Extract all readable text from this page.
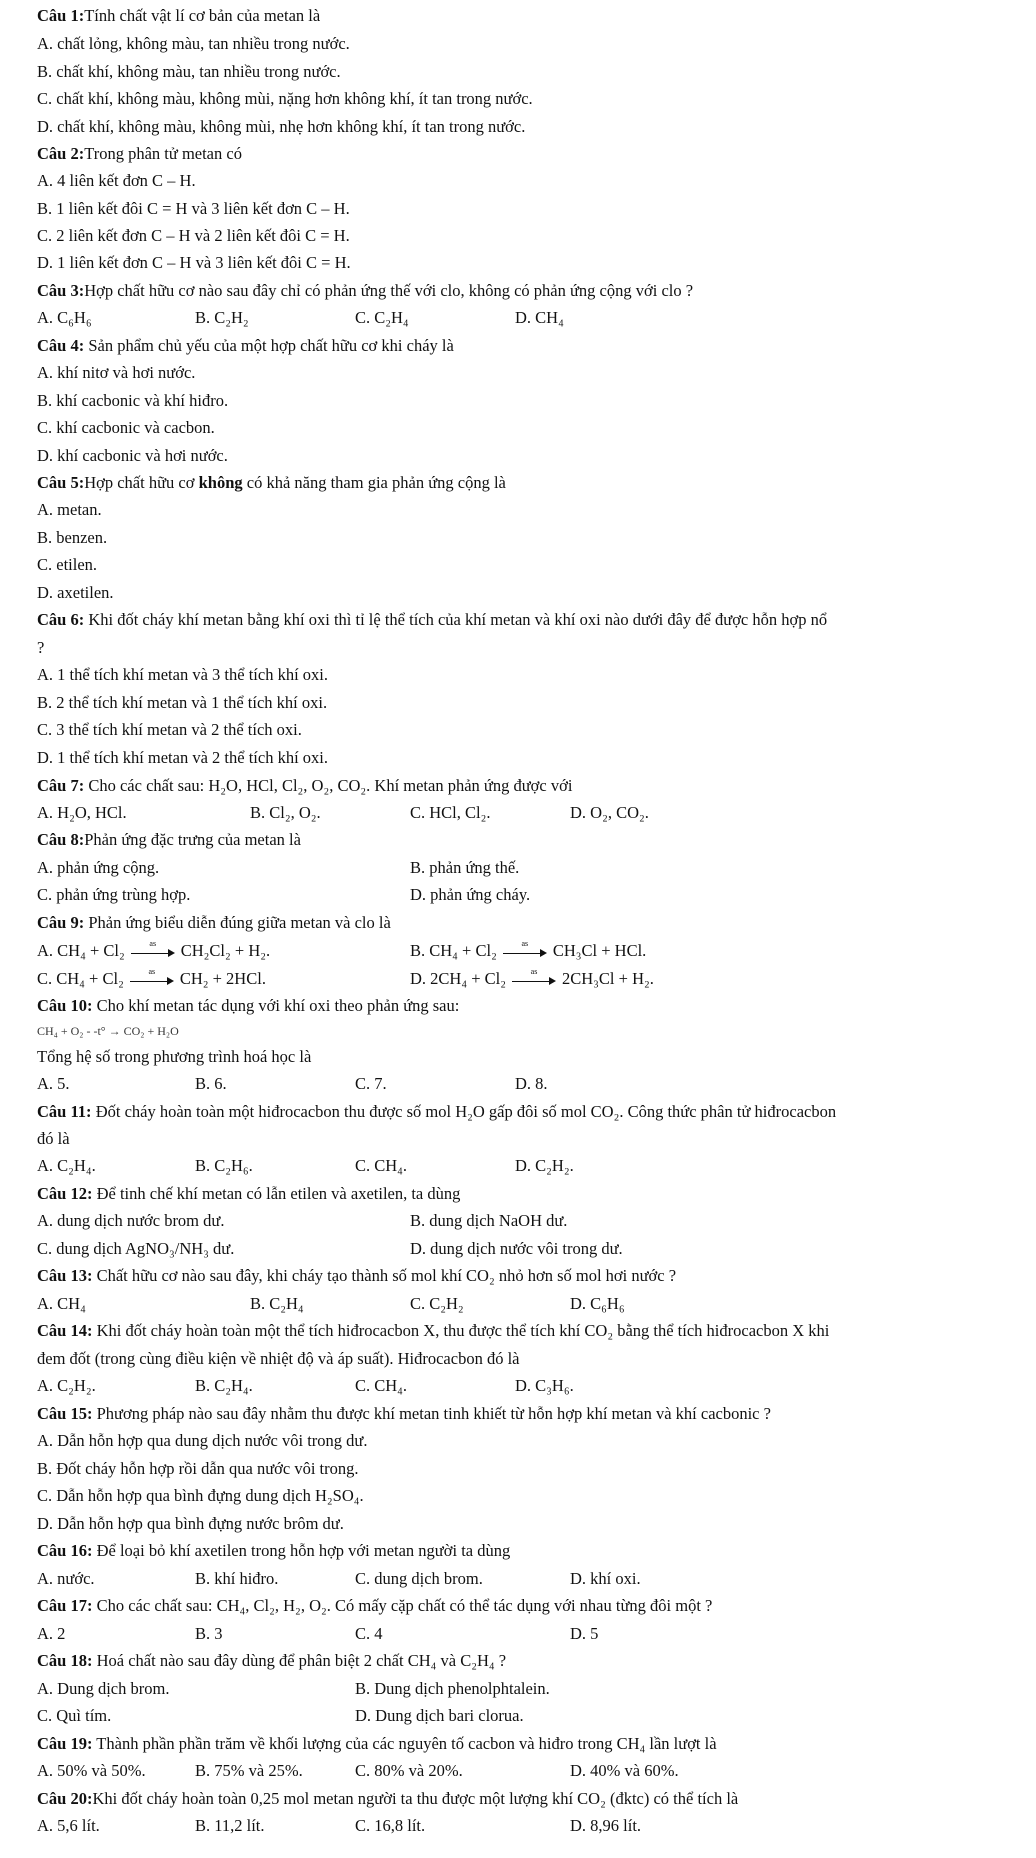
Câu 1:Tính chất vật lí cơ bản của metan là
A. chất lỏng, không màu, tan nhiều trong nước.
B. chất khí, không màu, tan nhiều trong nước.
C. chất khí, không màu, không mùi, nặng hơn không khí, ít tan trong nước.
D. chất khí, không màu, không mùi, nhẹ hơn không khí, ít tan trong nước.
Câu 2:Trong phân tử metan có
A. 4 liên kết đơn C – H.
B. 1 liên kết đôi C = H và 3 liên kết đơn C – H.
C. 2 liên kết đơn C – H và 2 liên kết đôi C = H.
D. 1 liên kết đơn C – H và 3 liên kết đôi C = H.
Câu 3:Hợp chất hữu cơ nào sau đây chỉ có phản ứng thế với clo, không có phản ứng cộng với clo ?
A. C₆H₆	B. C₂H₂	C. C₂H₄	D. CH₄
Câu 4: Sản phẩm chủ yếu của một hợp chất hữu cơ khi cháy là
A. khí nitơ và hơi nước.
B. khí cacbonic và khí hiđro.
C. khí cacbonic và cacbon.
D. khí cacbonic và hơi nước.
Câu 5:Hợp chất hữu cơ không có khả năng tham gia phản ứng cộng là
A. metan.
B. benzen.
C. etilen.
D. axetilen.
Câu 6: Khi đốt cháy khí metan bằng khí oxi thì tỉ lệ thể tích của khí metan và khí oxi nào dưới đây để được hỗn hợp nổ
?
A. 1 thể tích khí metan và 3 thể tích khí oxi.
B. 2 thể tích khí metan và 1 thể tích khí oxi.
C. 3 thể tích khí metan và 2 thể tích oxi.
D. 1 thể tích khí metan và 2 thể tích khí oxi.
Câu 7: Cho các chất sau: H₂O, HCl, Cl₂, O₂, CO₂. Khí metan phản ứng được với
A. H₂O, HCl.	B. Cl₂, O₂.	C. HCl, Cl₂.	D. O₂, CO₂.
Câu 8:Phản ứng đặc trưng của metan là
A. phản ứng cộng.	B. phản ứng thế.
C. phản ứng trùng hợp.	D. phản ứng cháy.
Câu 9: Phản ứng biểu diễn đúng giữa metan và clo là
A. CH₄ + Cl₂	as	CH₂Cl₂ + H₂.	B. CH₄ + Cl₂	as	CH₃Cl + HCl.
C. CH₄ + Cl₂	as	CH₂ + 2HCl.	D. 2CH₄ + Cl₂	as	2CH₃Cl + H₂.
Câu 10: Cho khí metan tác dụng với khí oxi theo phản ứng sau:
CH₄ + O₂ - -t° → CO₂ + H₂O
Tổng hệ số trong phương trình hoá học là
A. 5.	B. 6.	C. 7.	D. 8.
Câu 11: Đốt cháy hoàn toàn một hiđrocacbon thu được số mol H₂O gấp đôi số mol CO₂. Công thức phân tử hiđrocacbon
đó là
A. C₂H₄.	B. C₂H₆.	C. CH₄.	D. C₂H₂.
Câu 12: Để tinh chế khí metan có lẫn etilen và axetilen, ta dùng
A. dung dịch nước brom dư.	B. dung dịch NaOH dư.
C. dung dịch AgNO₃/NH₃ dư.	D. dung dịch nước vôi trong dư.
Câu 13: Chất hữu cơ nào sau đây, khi cháy tạo thành số mol khí CO₂ nhỏ hơn số mol hơi nước ?
A. CH₄	B. C₂H₄	C. C₂H₂	D. C₆H₆
Câu 14: Khi đốt cháy hoàn toàn một thể tích hiđrocacbon X, thu được thể tích khí CO₂ bằng thể tích hiđrocacbon X khi
đem đốt (trong cùng điều kiện về nhiệt độ và áp suất). Hiđrocacbon đó là
A. C₂H₂.	B. C₂H₄.	C. CH₄.	D. C₃H₆.
Câu 15: Phương pháp nào sau đây nhằm thu được khí metan tinh khiết từ hỗn hợp khí metan và khí cacbonic ?
A. Dẫn hỗn hợp qua dung dịch nước vôi trong dư.
B. Đốt cháy hỗn hợp rồi dẫn qua nước vôi trong.
C. Dẫn hỗn hợp qua bình đựng dung dịch H₂SO₄.
D. Dẫn hỗn hợp qua bình đựng nước brôm dư.
Câu 16: Để loại bỏ khí axetilen trong hỗn hợp với metan người ta dùng
A. nước.	B. khí hiđro.	C. dung dịch brom.	D. khí oxi.
Câu 17: Cho các chất sau: CH₄, Cl₂, H₂, O₂. Có mấy cặp chất có thể tác dụng với nhau từng đôi một ?
A. 2	B. 3	C. 4	D. 5
Câu 18: Hoá chất nào sau đây dùng để phân biệt 2 chất CH₄ và C₂H₄ ?
A. Dung dịch brom.	B. Dung dịch phenolphtalein.
C. Quì tím.	D. Dung dịch bari clorua.
Câu 19: Thành phần phần trăm về khối lượng của các nguyên tố cacbon và hiđro trong CH₄ lần lượt là
A. 50% và 50%.	B. 75% và 25%.	C. 80% và 20%.	D. 40% và 60%.
Câu 20:Khi đốt cháy hoàn toàn 0,25 mol metan người ta thu được một lượng khí CO₂ (đktc) có thể tích là
A. 5,6 lít.	B. 11,2 lít.	C. 16,8 lít.	D. 8,96 lít.
